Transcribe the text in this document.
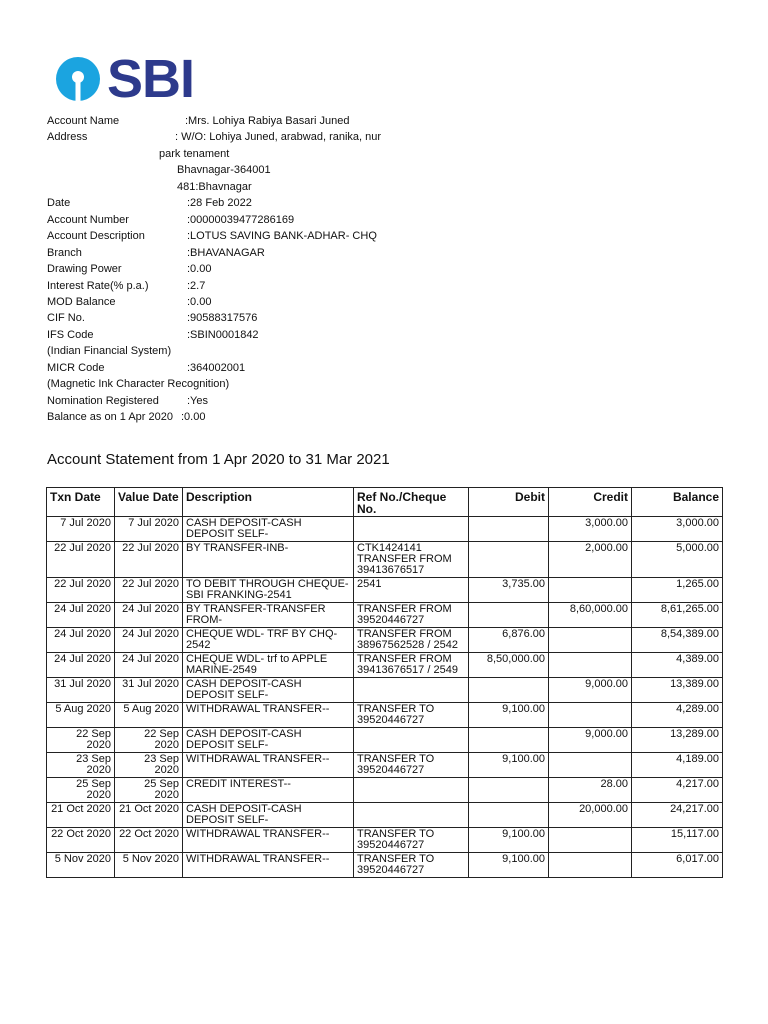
SBI
Account Name	:Mrs. Lohiya Rabiya Basari Juned
Address	: W/O: Lohiya Juned, arabwad, ranika, nur
park tenament
Bhavnagar-364001
481:Bhavnagar
Date	:28 Feb 2022
Account Number	:00000039477286169
Account Description	:LOTUS SAVING BANK-ADHAR- CHQ
Branch	:BHAVANAGAR
Drawing Power	:0.00
Interest Rate(% p.a.)	:2.7
MOD Balance	:0.00
CIF No.	:90588317576
IFS Code	:SBIN0001842
(Indian Financial System)
MICR Code	:364002001
(Magnetic Ink Character Recognition)
Nomination Registered	:Yes
Balance as on 1 Apr 2020 :0.00
Account Statement from 1 Apr 2020 to 31 Mar 2021
Txn Date	Value Date	Description	Ref No./Cheque No.	Debit	Credit	Balance
7 Jul 2020	7 Jul 2020	CASH DEPOSIT-CASH DEPOSIT SELF-			3,000.00	3,000.00
22 Jul 2020	22 Jul 2020	BY TRANSFER-INB-	CTK1424141 TRANSFER FROM 39413676517		2,000.00	5,000.00
22 Jul 2020	22 Jul 2020	TO DEBIT THROUGH CHEQUE-SBI FRANKING-2541	2541	3,735.00		1,265.00
24 Jul 2020	24 Jul 2020	BY TRANSFER-TRANSFER FROM-	TRANSFER FROM 39520446727		8,60,000.00	8,61,265.00
24 Jul 2020	24 Jul 2020	CHEQUE WDL- TRF BY CHQ-2542	TRANSFER FROM 38967562528 / 2542	6,876.00		8,54,389.00
24 Jul 2020	24 Jul 2020	CHEQUE WDL- trf to APPLE MARINE-2549	TRANSFER FROM 39413676517 / 2549	8,50,000.00		4,389.00
31 Jul 2020	31 Jul 2020	CASH DEPOSIT-CASH DEPOSIT SELF-			9,000.00	13,389.00
5 Aug 2020	5 Aug 2020	WITHDRAWAL TRANSFER--	TRANSFER TO 39520446727	9,100.00		4,289.00
22 Sep 2020	22 Sep 2020	CASH DEPOSIT-CASH DEPOSIT SELF-			9,000.00	13,289.00
23 Sep 2020	23 Sep 2020	WITHDRAWAL TRANSFER--	TRANSFER TO 39520446727	9,100.00		4,189.00
25 Sep 2020	25 Sep 2020	CREDIT INTEREST--			28.00	4,217.00
21 Oct 2020	21 Oct 2020	CASH DEPOSIT-CASH DEPOSIT SELF-			20,000.00	24,217.00
22 Oct 2020	22 Oct 2020	WITHDRAWAL TRANSFER--	TRANSFER TO 39520446727	9,100.00		15,117.00
5 Nov 2020	5 Nov 2020	WITHDRAWAL TRANSFER--	TRANSFER TO 39520446727	9,100.00		6,017.00
